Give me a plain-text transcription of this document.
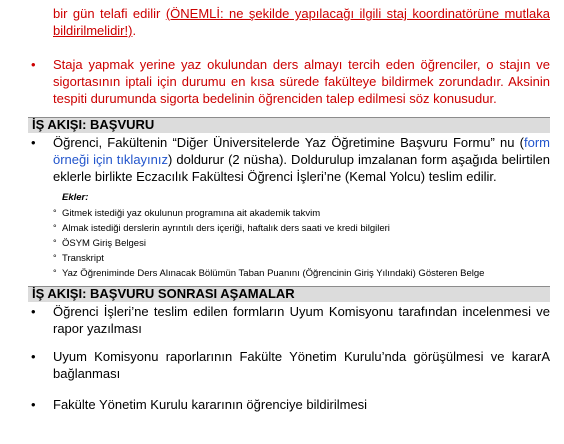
bir gün telafi edilir (ÖNEMLİ: ne şekilde yapılacağı ilgili staj koordinatörüne mutlaka
bildirilmelidir!).
• Staja yapmak yerine yaz okulundan ders almayı tercih eden öğrenciler, o stajın ve
sigortasının iptali için durumu en kısa sürede fakülteye bildirmek zorundadır. Aksinin
tespiti durumunda sigorta bedelinin öğrenciden talep edilmesi söz konusudur.
İŞ AKIŞI: BAŞVURU
• Öğrenci, Fakültenin “Diğer Üniversitelerde Yaz Öğretimine Başvuru Formu” nu (form
örneği için tıklayınız) doldurur (2 nüsha). Doldurulup imzalanan form aşağıda belirtilen
eklerle birlikte Eczacılık Fakültesi Öğrenci İşleri’ne (Kemal Yolcu) teslim edilir.
Ekler:
° Gitmek istediği yaz okulunun programına ait akademik takvim
° Almak istediği derslerin ayrıntılı ders içeriği, haftalık ders saati ve kredi bilgileri
° ÖSYM Giriş Belgesi
° Transkript
° Yaz Öğreniminde Ders Alınacak Bölümün Taban Puanını (Öğrencinin Giriş Yılındaki) Gösteren Belge
İŞ AKIŞI: BAŞVURU SONRASI AŞAMALAR
• Öğrenci İşleri’ne teslim edilen formların Uyum Komisyonu tarafından incelenmesi ve
rapor yazılması
• Uyum Komisyonu raporlarının Fakülte Yönetim Kurulu’nda görüşülmesi ve kararA
bağlanması
• Fakülte Yönetim Kurulu kararının öğrenciye bildirilmesi
